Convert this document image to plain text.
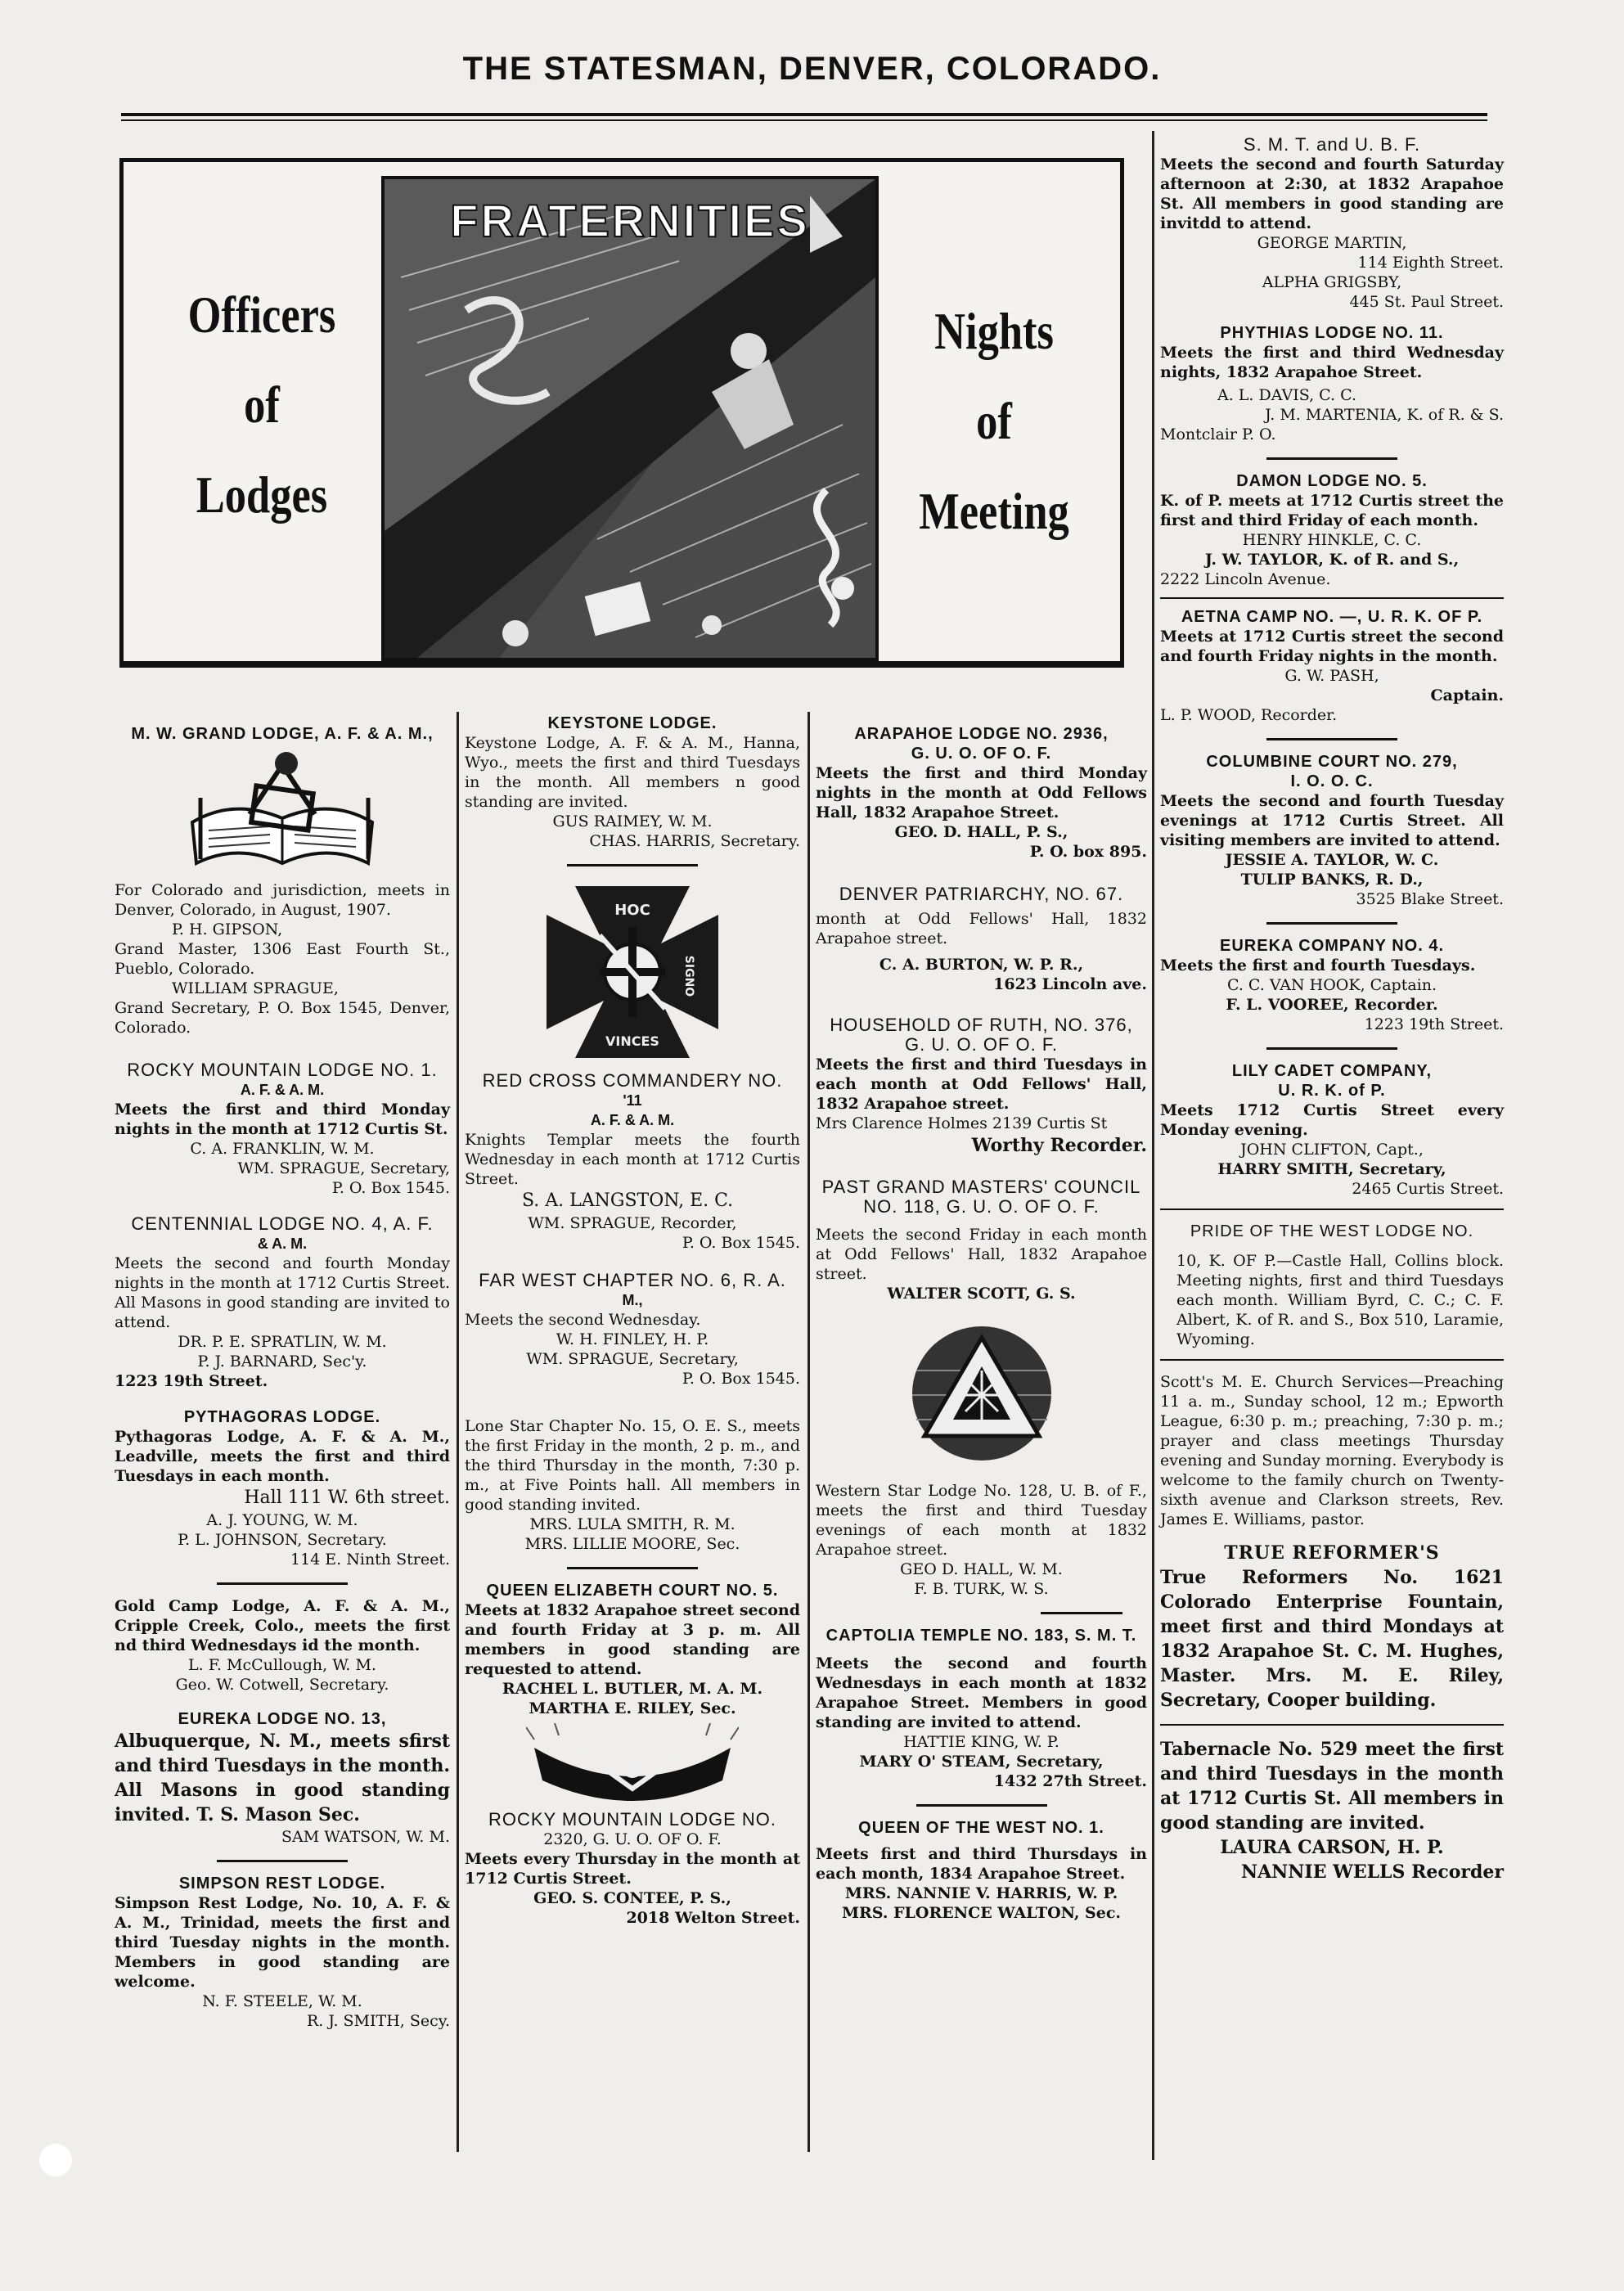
THE STATESMAN, DENVER, COLORADO.
Officers
of
Lodges
FRATERNITIES
Nights
of
Meeting

M. W. GRAND LODGE, A. F. & A. M.,

For Colorado and jurisdiction, meets in Denver, Colorado, in August, 1907.

P. H. GIPSON,

Grand Master, 1306 East Fourth St., Pueblo, Colorado.

WILLIAM SPRAGUE,

Grand Secretary, P. O. Box 1545, Denver, Colorado.

ROCKY MOUNTAIN LODGE NO. 1.

A. F. & A. M.

Meets the first and third Monday nights in the month at 1712 Curtis St.

C. A. FRANKLIN, W. M.

WM. SPRAGUE, Secretary,

P. O. Box 1545.

CENTENNIAL LODGE NO. 4, A. F.

& A. M.

Meets the second and fourth Monday nights in the month at 1712 Curtis Street. All Masons in good standing are invited to attend.

DR. P. E. SPRATLIN, W. M.

P. J. BARNARD, Sec'y.

1223 19th Street.

PYTHAGORAS LODGE.

Pythagoras Lodge, A. F. & A. M., Leadville, meets the first and third Tuesdays in each month.

Hall 111 W. 6th street.

A. J. YOUNG, W. M.

P. L. JOHNSON, Secretary.

114 E. Ninth Street.

Gold Camp Lodge, A. F. & A. M., Cripple Creek, Colo., meets the first nd third Wednesdays id the month.

L. F. McCullough, W. M.

Geo. W. Cotwell, Secretary.

EUREKA LODGE NO. 13,

Albuquerque, N. M., meets sfirst and third Tuesdays in the month. All Masons in good standing invited. T. S. Mason Sec.

SAM WATSON, W. M.

SIMPSON REST LODGE.

Simpson Rest Lodge, No. 10, A. F. & A. M., Trinidad, meets the first and third Tuesday nights in the month. Members in good standing are welcome.

N. F. STEELE, W. M.

R. J. SMITH, Secy.

KEYSTONE LODGE.

Keystone Lodge, A. F. & A. M., Hanna, Wyo., meets the first and third Tuesdays in the month. All members n good standing are invited.

GUS RAIMEY, W. M.

CHAS. HARRIS, Secretary.

HOC
SIGNO
VINCES

RED CROSS COMMANDERY NO.

'11

A. F. & A. M.

Knights Templar meets the fourth Wednesday in each month at 1712 Curtis Street.

S. A. LANGSTON, E. C.

WM. SPRAGUE, Recorder,

P. O. Box 1545.

FAR WEST CHAPTER NO. 6, R. A.

M.,

Meets the second Wednesday.

W. H. FINLEY, H. P.

WM. SPRAGUE, Secretary,

P. O. Box 1545.

Lone Star Chapter No. 15, O. E. S., meets the first Friday in the month, 2 p. m., and the third Thursday in the month, 7:30 p. m., at Five Points hall. All members in good standing invited.

MRS. LULA SMITH, R. M.

MRS. LILLIE MOORE, Sec.

QUEEN ELIZABETH COURT NO. 5.

Meets at 1832 Arapahoe street second and fourth Friday at 3 p. m. All members in good standing are requested to attend.

RACHEL L. BUTLER, M. A. M.

MARTHA E. RILEY, Sec.

ROCKY MOUNTAIN LODGE NO.

2320, G. U. O. OF O. F.

Meets every Thursday in the month at 1712 Curtis Street.

GEO. S. CONTEE, P. S.,

2018 Welton Street.

ARAPAHOE LODGE NO. 2936,

G. U. O. OF O. F.

Meets the first and third Monday nights in the month at Odd Fellows Hall, 1832 Arapahoe Street.

GEO. D. HALL, P. S.,

P. O. box 895.

DENVER PATRIARCHY, NO. 67.

month at Odd Fellows' Hall, 1832 Arapahoe street.

C. A. BURTON, W. P. R.,

1623 Lincoln ave.

HOUSEHOLD OF RUTH, NO. 376,

G. U. O. OF O. F.

Meets the first and third Tuesdays in each month at Odd Fellows' Hall, 1832 Arapahoe street.

Mrs Clarence Holmes 2139 Curtis St

Worthy Recorder.

PAST GRAND MASTERS' COUNCIL

NO. 118, G. U. O. OF O. F.

Meets the second Friday in each month at Odd Fellows' Hall, 1832 Arapahoe street.

WALTER SCOTT, G. S.

Western Star Lodge No. 128, U. B. of F., meets the first and third Tuesday evenings of each month at 1832 Arapahoe street.

GEO D. HALL, W. M.

F. B. TURK, W. S.

CAPTOLIA TEMPLE NO. 183, S. M. T.

Meets the second and fourth Wednesdays in each month at 1832 Arapahoe Street. Members in good standing are invited to attend.

HATTIE KING, W. P.

MARY O' STEAM, Secretary,

1432 27th Street.

QUEEN OF THE WEST NO. 1.

Meets first and third Thursdays in each month, 1834 Arapahoe Street.

MRS. NANNIE V. HARRIS, W. P.

MRS. FLORENCE WALTON, Sec.

S. M. T. and U. B. F.

Meets the second and fourth Saturday afternoon at 2:30, at 1832 Arapahoe St. All members in good standing are invitdd to attend.

GEORGE MARTIN,

114 Eighth Street.

ALPHA GRIGSBY,

445 St. Paul Street.

PHYTHIAS LODGE NO. 11.

Meets the first and third Wednesday nights, 1832 Arapahoe Street.

A. L. DAVIS, C. C.

J. M. MARTENIA, K. of R. & S.

Montclair P. O.

DAMON LODGE NO. 5.

K. of P. meets at 1712 Curtis street the first and third Friday of each month.

HENRY HINKLE, C. C.

J. W. TAYLOR, K. of R. and S.,

2222 Lincoln Avenue.

AETNA CAMP NO. —, U. R. K. OF P.

Meets at 1712 Curtis street the second and fourth Friday nights in the month.

G. W. PASH,

Captain.

L. P. WOOD, Recorder.

COLUMBINE COURT NO. 279,

I. O. O. C.

Meets the second and fourth Tuesday evenings at 1712 Curtis Street. All visiting members are invited to attend.

JESSIE A. TAYLOR, W. C.

TULIP BANKS, R. D.,

3525 Blake Street.

EUREKA COMPANY NO. 4.

Meets the first and fourth Tuesdays.

C. C. VAN HOOK, Captain.

F. L. VOOREE, Recorder.

1223 19th Street.

LILY CADET COMPANY,

U. R. K. of P.

Meets 1712 Curtis Street every Monday evening.

JOHN CLIFTON, Capt.,

HARRY SMITH, Secretary,

2465 Curtis Street.

PRIDE OF THE WEST LODGE NO.

10, K. OF P.—Castle Hall, Collins block. Meeting nights, first and third Tuesdays each month. William Byrd, C. C.; C. F. Albert, K. of R. and S., Box 510, Laramie, Wyoming.

Scott's M. E. Church Services—Preaching 11 a. m., Sunday school, 12 m.; Epworth League, 6:30 p. m.; preaching, 7:30 p. m.; prayer and class meetings Thursday evening and Sunday morning. Everybody is welcome to the family church on Twenty-sixth avenue and Clarkson streets, Rev. James E. Williams, pastor.

TRUE REFORMER'S

True Reformers No. 1621 Colorado Enterprise Fountain, meet first and third Mondays at 1832 Arapahoe St. C. M. Hughes, Master. Mrs. M. E. Riley, Secretary, Cooper building.

Tabernacle No. 529 meet the first and third Tuesdays in the month at 1712 Curtis St. All members in good standing are invited.

LAURA CARSON, H. P.

NANNIE WELLS Recorder
